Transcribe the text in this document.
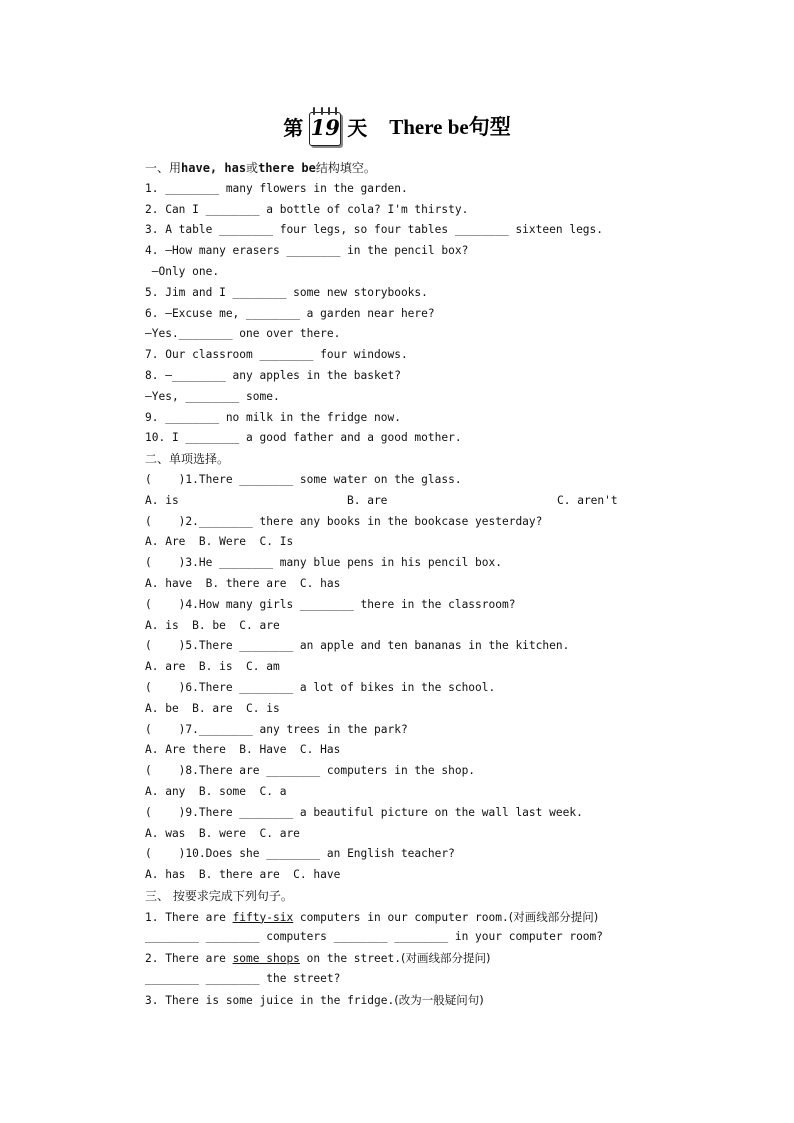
第 19 天 There be句型
一、用have, has或there be结构填空。
1. ________ many flowers in the garden.
2. Can I ________ a bottle of cola? I'm thirsty.
3. A table ________ four legs, so four tables ________ sixteen legs.
4. —How many erasers ________ in the pencil box?
—Only one.
5. Jim and I ________ some new storybooks.
6. —Excuse me, ________ a garden near here?
—Yes.________ one over there.
7. Our classroom ________ four windows.
8. —________ any apples in the basket?
—Yes, ________ some.
9. ________ no milk in the fridge now.
10. I ________ a good father and a good mother.
二、单项选择。
(    )1.There ________ some water on the glass.
A. is	B. are	C. aren't
(    )2.________ there any books in the bookcase yesterday?
A. Are  B. Were  C. Is
(    )3.He ________ many blue pens in his pencil box.
A. have  B. there are  C. has
(    )4.How many girls ________ there in the classroom?
A. is  B. be  C. are
(    )5.There ________ an apple and ten bananas in the kitchen.
A. are  B. is  C. am
(    )6.There ________ a lot of bikes in the school.
A. be  B. are  C. is
(    )7.________ any trees in the park?
A. Are there  B. Have  C. Has
(    )8.There are ________ computers in the shop.
A. any  B. some  C. a
(    )9.There ________ a beautiful picture on the wall last week.
A. was  B. were  C. are
(    )10.Does she ________ an English teacher?
A. has  B. there are  C. have
三、 按要求完成下列句子。
1. There are fifty-six computers in our computer room.(对画线部分提问)
________ ________ computers ________ ________ in your computer room?
2. There are some shops on the street.(对画线部分提问)
________ ________ the street?
3. There is some juice in the fridge.(改为一般疑问句)
